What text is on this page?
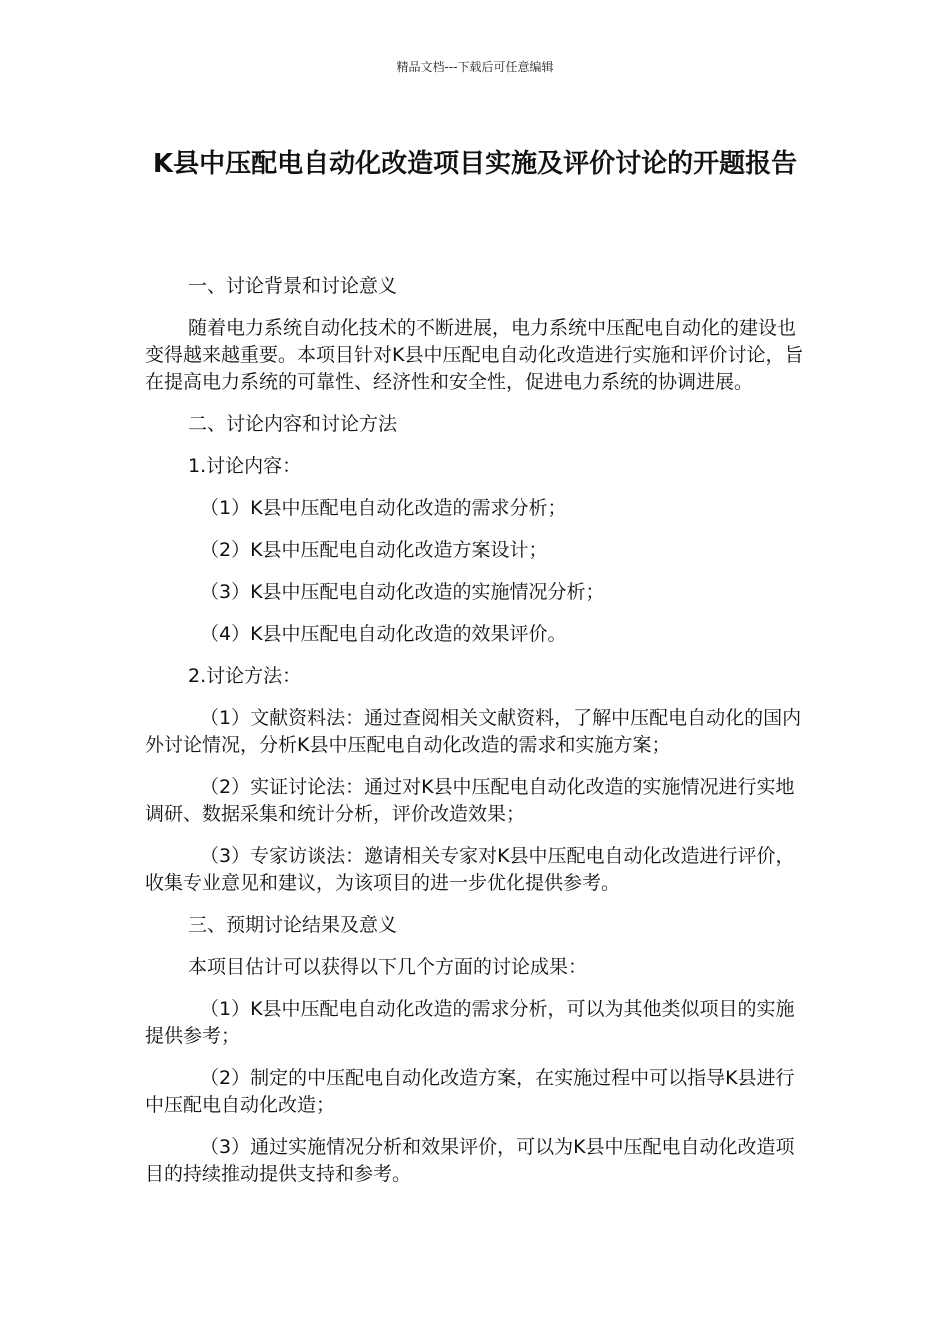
精品文档---下载后可任意编辑
K县中压配电自动化改造项目实施及评价讨论的开题报告

一、讨论背景和讨论意义

随着电力系统自动化技术的不断进展，电力系统中压配电自动化的建设也变得越来越重要。本项目针对K县中压配电自动化改造进行实施和评价讨论，旨在提高电力系统的可靠性、经济性和安全性，促进电力系统的协调进展。

二、讨论内容和讨论方法

1.讨论内容：

（1）K县中压配电自动化改造的需求分析；

（2）K县中压配电自动化改造方案设计；

（3）K县中压配电自动化改造的实施情况分析；

（4）K县中压配电自动化改造的效果评价。

2.讨论方法：

（1）文献资料法：通过查阅相关文献资料，了解中压配电自动化的国内外讨论情况，分析K县中压配电自动化改造的需求和实施方案；

（2）实证讨论法：通过对K县中压配电自动化改造的实施情况进行实地调研、数据采集和统计分析，评价改造效果；

（3）专家访谈法：邀请相关专家对K县中压配电自动化改造进行评价，收集专业意见和建议，为该项目的进一步优化提供参考。

三、预期讨论结果及意义

本项目估计可以获得以下几个方面的讨论成果：

（1）K县中压配电自动化改造的需求分析，可以为其他类似项目的实施提供参考；

（2）制定的中压配电自动化改造方案，在实施过程中可以指导K县进行中压配电自动化改造；

（3）通过实施情况分析和效果评价，可以为K县中压配电自动化改造项目的持续推动提供支持和参考。
